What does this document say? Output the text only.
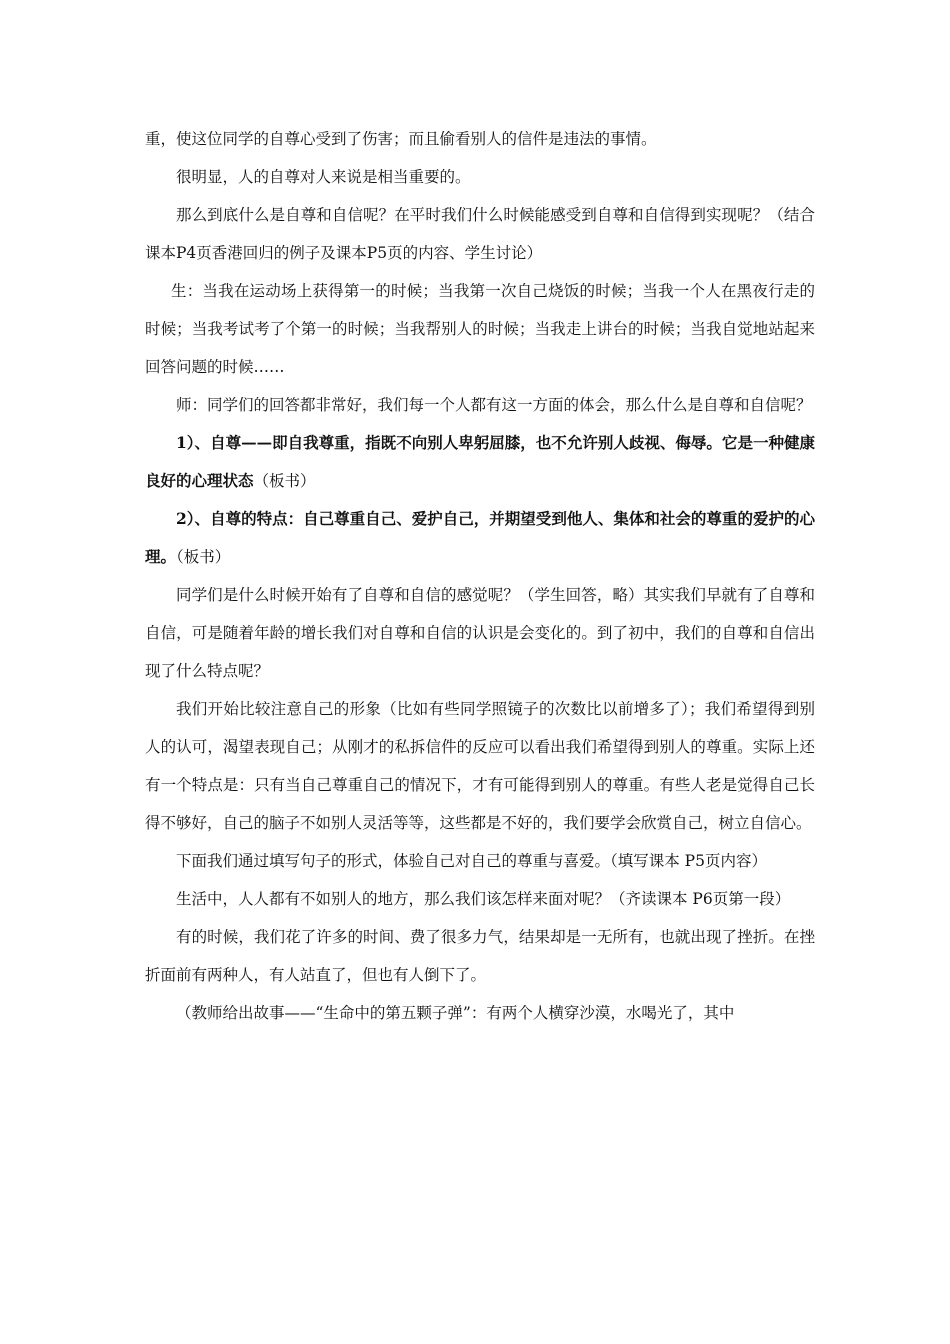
重，使这位同学的自尊心受到了伤害；而且偷看别人的信件是违法的事情。

很明显，人的自尊对人来说是相当重要的。

那么到底什么是自尊和自信呢？在平时我们什么时候能感受到自尊和自信得到实现呢？（结合课本P4页香港回归的例子及课本P5页的内容、学生讨论）

生：当我在运动场上获得第一的时候；当我第一次自己烧饭的时候；当我一个人在黑夜行走的时候；当我考试考了个第一的时候；当我帮别人的时候；当我走上讲台的时候；当我自觉地站起来回答问题的时候……

师：同学们的回答都非常好，我们每一个人都有这一方面的体会，那么什么是自尊和自信呢？

1）、自尊——即自我尊重，指既不向别人卑躬屈膝，也不允许别人歧视、侮辱。它是一种健康良好的心理状态（板书）

2）、自尊的特点：自己尊重自己、爱护自己，并期望受到他人、集体和社会的尊重的爱护的心理。（板书）

同学们是什么时候开始有了自尊和自信的感觉呢？（学生回答，略）其实我们早就有了自尊和自信，可是随着年龄的增长我们对自尊和自信的认识是会变化的。到了初中，我们的自尊和自信出现了什么特点呢？

我们开始比较注意自己的形象（比如有些同学照镜子的次数比以前增多了）；我们希望得到别人的认可，渴望表现自己；从刚才的私拆信件的反应可以看出我们希望得到别人的尊重。实际上还有一个特点是：只有当自己尊重自己的情况下，才有可能得到别人的尊重。有些人老是觉得自己长得不够好，自己的脑子不如别人灵活等等，这些都是不好的，我们要学会欣赏自己，树立自信心。

下面我们通过填写句子的形式，体验自己对自己的尊重与喜爱。（填写课本 P5页内容）

生活中，人人都有不如别人的地方，那么我们该怎样来面对呢？（齐读课本 P6页第一段）

有的时候，我们花了许多的时间、费了很多力气，结果却是一无所有，也就出现了挫折。在挫折面前有两种人，有人站直了，但也有人倒下了。

（教师给出故事——“生命中的第五颗子弹”：有两个人横穿沙漠，水喝光了，其中
